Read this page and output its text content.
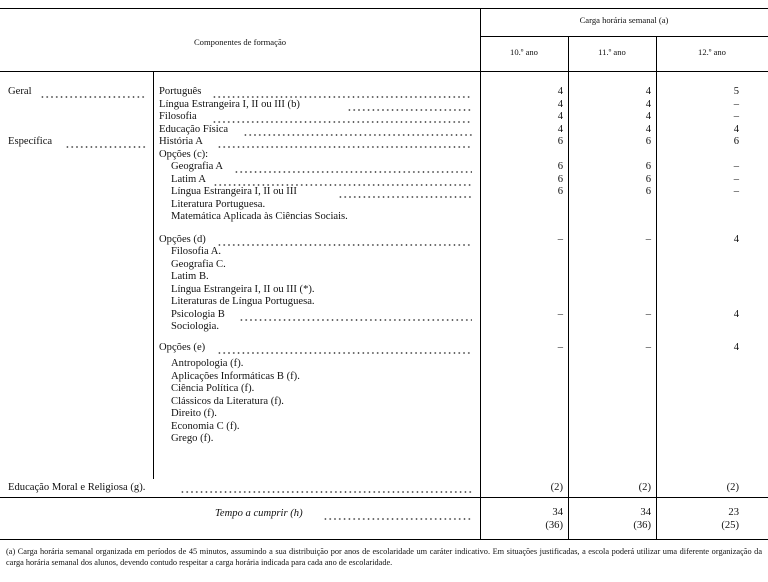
Componentes de formação
Carga horária semanal (a)
10.º ano	11.º ano	12.º ano
Geral	Português	4	4	5
Língua Estrangeira I, II ou III (b)	4	4	–
Filosofia	4	4	–
Educação Física	4	4	4
Específica	História A	6	6	6
Opções (c):
Geografia A	6	6	–
Latim A	6	6	–
Língua Estrangeira I, II ou III	6	6	–
Literatura Portuguesa.
Matemática Aplicada às Ciências Sociais.
Opções (d)	–	–	4
Filosofia A.
Geografia C.
Latim B.
Língua Estrangeira I, II ou III (*).
Literaturas de Língua Portuguesa.
Psicologia B	–	–	4
Sociologia.
Opções (e)	–	–	4
Antropologia (f).
Aplicações Informáticas B (f).
Ciência Política (f).
Clássicos da Literatura (f).
Direito (f).
Economia C (f).
Grego (f).
Educação Moral e Religiosa (g).	(2)	(2)	(2)
Tempo a cumprir (h)	34	34	23
(36)	(36)	(25)
(a) Carga horária semanal organizada em períodos de 45 minutos, assumindo a sua distribuição por anos de escolaridade um caráter indicativo. Em situações justificadas, a escola poderá utilizar uma diferente organização da carga horária semanal dos alunos, devendo contudo respeitar a carga horária indicada para cada ano de escolaridade.
